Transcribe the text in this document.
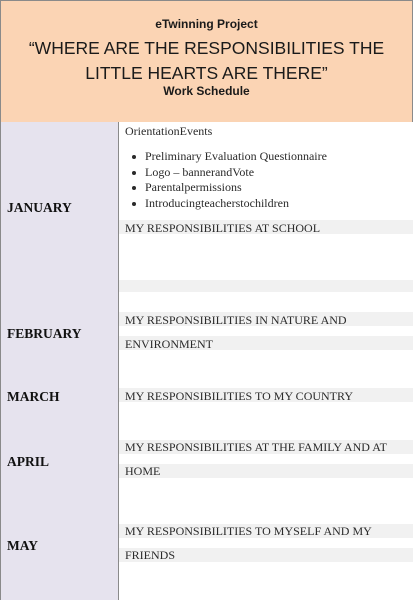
eTwinning Project
“WHERE ARE THE RESPONSIBILITIES THE
LITTLE HEARTS ARE THERE”
Work Schedule
JANUARY
FEBRUARY
MARCH
APRIL
MAY
OrientationEvents
Preliminary Evaluation Questionnaire
Logo – bannerandVote
Parentalpermissions
Introducingteacherstochildren
MY RESPONSIBILITIES AT SCHOOL
MY RESPONSIBILITIES IN NATURE AND
ENVIRONMENT
MY RESPONSIBILITIES TO MY COUNTRY
MY RESPONSIBILITIES AT THE FAMILY AND AT
HOME
MY RESPONSIBILITIES TO MYSELF AND MY
FRIENDS
